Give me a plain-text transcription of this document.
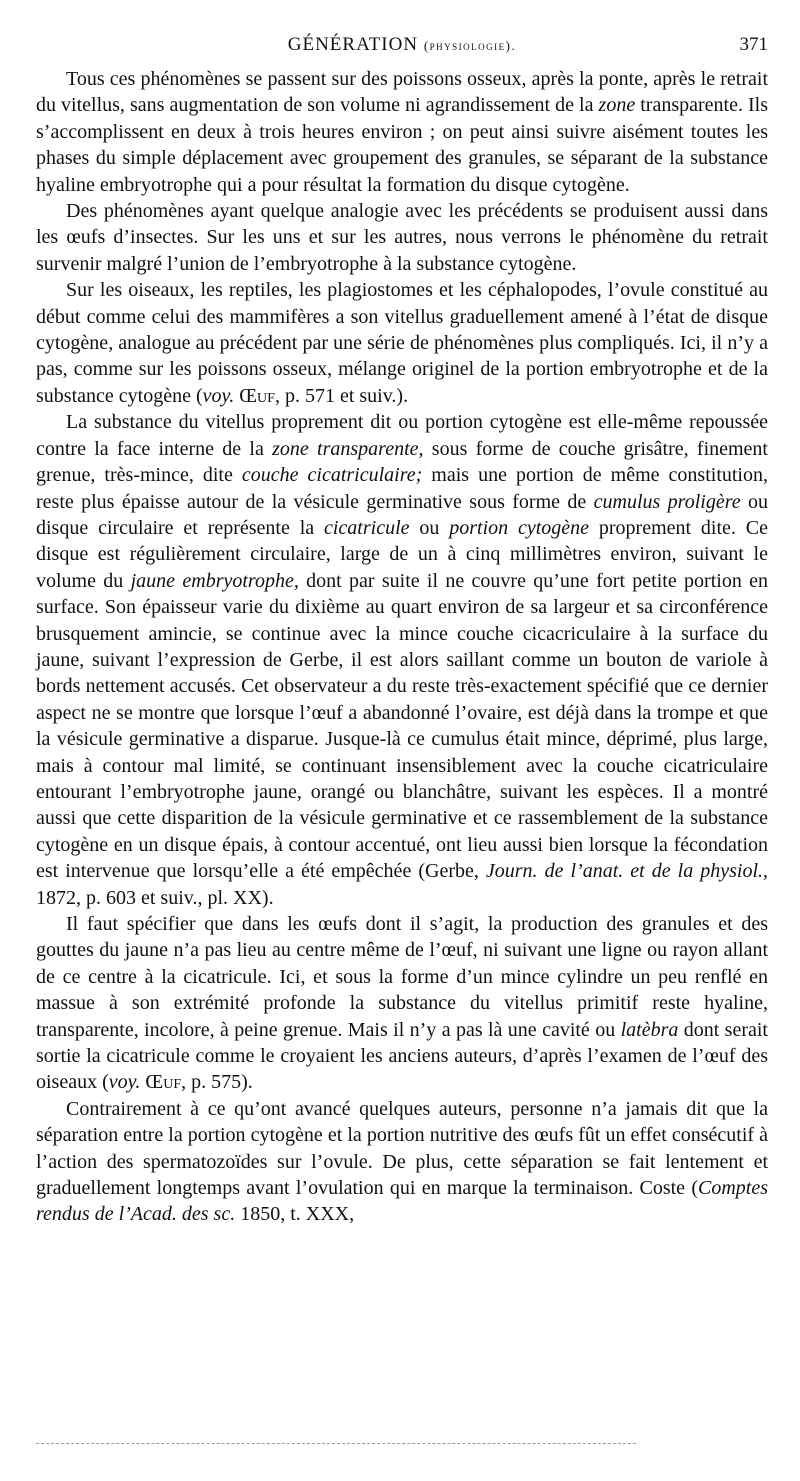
GÉNÉRATION (physiologie).	371

Tous ces phénomènes se passent sur des poissons osseux, après la ponte, après le retrait du vitellus, sans augmentation de son volume ni agrandissement de la zone transparente. Ils s’accomplissent en deux à trois heures environ ; on peut ainsi suivre aisément toutes les phases du simple déplacement avec groupement des granules, se séparant de la substance hyaline embryotrophe qui a pour résultat la formation du disque cytogène.

Des phénomènes ayant quelque analogie avec les précédents se produisent aussi dans les œufs d’insectes. Sur les uns et sur les autres, nous verrons le phénomène du retrait survenir malgré l’union de l’embryotrophe à la substance cytogène.

Sur les oiseaux, les reptiles, les plagiostomes et les céphalopodes, l’ovule constitué au début comme celui des mammifères a son vitellus graduellement amené à l’état de disque cytogène, analogue au précédent par une série de phénomènes plus compliqués. Ici, il n’y a pas, comme sur les poissons osseux, mélange originel de la portion embryotrophe et de la substance cytogène (voy. Œuf, p. 571 et suiv.).

La substance du vitellus proprement dit ou portion cytogène est elle-même repoussée contre la face interne de la zone transparente, sous forme de couche grisâtre, finement grenue, très-mince, dite couche cicatriculaire; mais une portion de même constitution, reste plus épaisse autour de la vésicule germinative sous forme de cumulus proligère ou disque circulaire et représente la cicatricule ou portion cytogène proprement dite. Ce disque est régulièrement circulaire, large de un à cinq millimètres environ, suivant le volume du jaune embryotrophe, dont par suite il ne couvre qu’une fort petite portion en surface. Son épaisseur varie du dixième au quart environ de sa largeur et sa circonférence brusquement amincie, se continue avec la mince couche cicacriculaire à la surface du jaune, suivant l’expression de Gerbe, il est alors saillant comme un bouton de variole à bords nettement accusés. Cet observateur a du reste très-exactement spécifié que ce dernier aspect ne se montre que lorsque l’œuf a abandonné l’ovaire, est déjà dans la trompe et que la vésicule germinative a disparue. Jusque-là ce cumulus était mince, déprimé, plus large, mais à contour mal limité, se continuant insensiblement avec la couche cicatriculaire entourant l’embryotrophe jaune, orangé ou blanchâtre, suivant les espèces. Il a montré aussi que cette disparition de la vésicule germinative et ce rassemblement de la substance cytogène en un disque épais, à contour accentué, ont lieu aussi bien lorsque la fécondation est intervenue que lorsqu’elle a été empêchée (Gerbe, Journ. de l’anat. et de la physiol., 1872, p. 603 et suiv., pl. XX).

Il faut spécifier que dans les œufs dont il s’agit, la production des granules et des gouttes du jaune n’a pas lieu au centre même de l’œuf, ni suivant une ligne ou rayon allant de ce centre à la cicatricule. Ici, et sous la forme d’un mince cylindre un peu renflé en massue à son extrémité profonde la substance du vitellus primitif reste hyaline, transparente, incolore, à peine grenue. Mais il n’y a pas là une cavité ou latèbra dont serait sortie la cicatricule comme le croyaient les anciens auteurs, d’après l’examen de l’œuf des oiseaux (voy. Œuf, p. 575).

Contrairement à ce qu’ont avancé quelques auteurs, personne n’a jamais dit que la séparation entre la portion cytogène et la portion nutritive des œufs fût un effet consécutif à l’action des spermatozoïdes sur l’ovule. De plus, cette séparation se fait lentement et graduellement longtemps avant l’ovulation qui en marque la terminaison. Coste (Comptes rendus de l’Acad. des sc. 1850, t. XXX,
